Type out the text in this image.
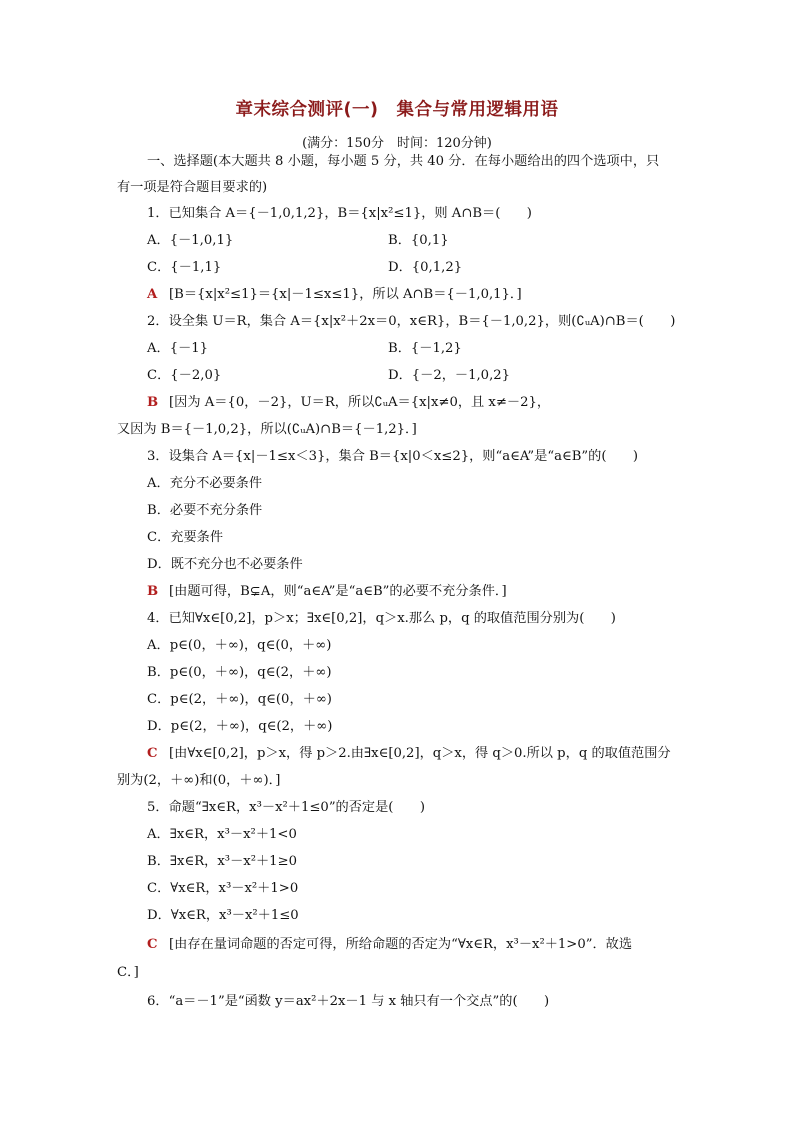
章末综合测评(一)　集合与常用逻辑用语
(满分：150分　时间：120分钟)
一、选择题(本大题共 8 小题，每小题 5 分，共 40 分．在每小题给出的四个选项中，只
有一项是符合题目要求的)
1．已知集合 A＝{－1,0,1,2}，B＝{x|x²≤1}，则 A∩B＝(　　)
A．{－1,0,1}
C．{－1,1}
A [B＝{x|x²≤1}＝{x|－1≤x≤1}，所以 A∩B＝{－1,0,1}．]
2．设全集 U＝R，集合 A＝{x|x²＋2x＝0，x∈R}，B＝{－1,0,2}，则(∁ᵤA)∩B＝(　　)
A．{－1}
C．{－2,0}
B [因为 A＝{0，－2}，U＝R，所以∁ᵤA＝{x|x≠0，且 x≠－2}，
又因为 B＝{－1,0,2}，所以(∁ᵤA)∩B＝{－1,2}．]
3．设集合 A＝{x|－1≤x＜3}，集合 B＝{x|0＜x≤2}，则“a∈A”是“a∈B”的(　　)
A．充分不必要条件
B．必要不充分条件
C．充要条件
D．既不充分也不必要条件
B [由题可得，B⊊A，则“a∈A”是“a∈B”的必要不充分条件．]
4．已知∀x∈[0,2]，p＞x；∃x∈[0,2]，q＞x.那么 p，q 的取值范围分别为(　　)
A．p∈(0，＋∞)，q∈(0，＋∞)
B．p∈(0，＋∞)，q∈(2，＋∞)
C．p∈(2，＋∞)，q∈(0，＋∞)
D．p∈(2，＋∞)，q∈(2，＋∞)
C [由∀x∈[0,2]，p＞x，得 p＞2.由∃x∈[0,2]，q＞x，得 q＞0.所以 p，q 的取值范围分
别为(2，＋∞)和(0，＋∞)．]
5．命题“∃x∈R，x³－x²＋1≤0”的否定是(　　)
A．∃x∈R，x³－x²＋1<0
B．∃x∈R，x³－x²＋1≥0
C．∀x∈R，x³－x²＋1>0
D．∀x∈R，x³－x²＋1≤0
C [由存在量词命题的否定可得，所给命题的否定为“∀x∈R，x³－x²＋1>0”．故选
C．]
6．“a＝－1”是“函数 y＝ax²＋2x－1 与 x 轴只有一个交点”的(　　)
B．{0,1}
D．{0,1,2}
B．{－1,2}
D．{－2，－1,0,2}
